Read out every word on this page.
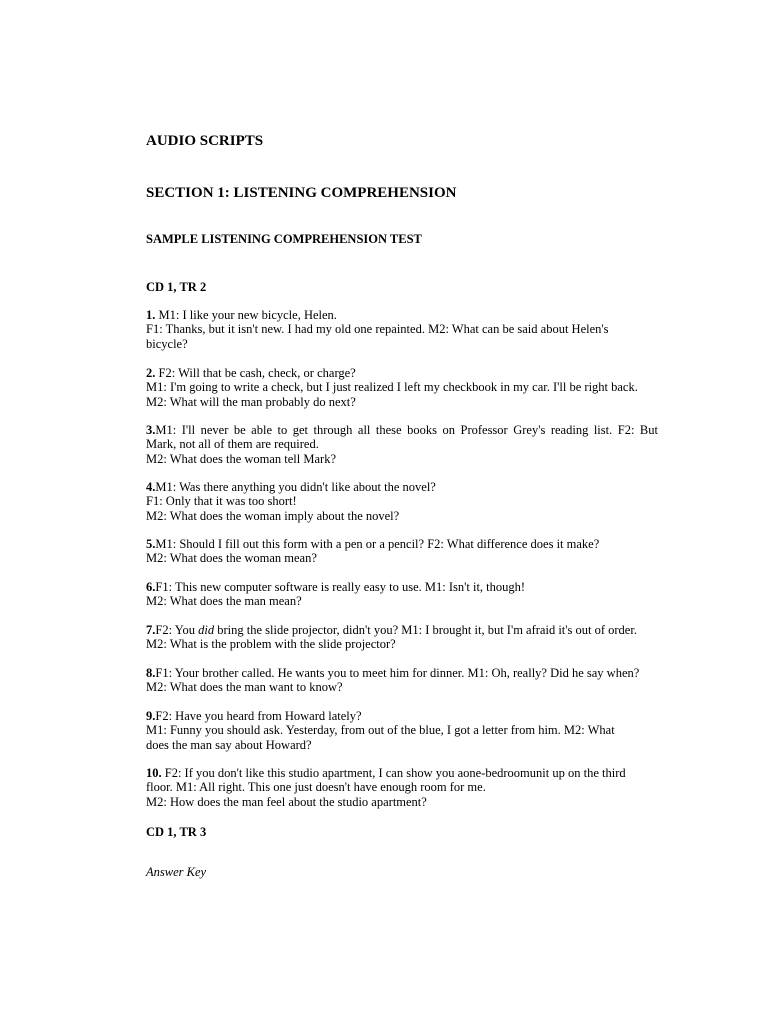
AUDIO SCRIPTS
SECTION 1: LISTENING COMPREHENSION
SAMPLE LISTENING COMPREHENSION TEST
CD 1, TR 2
1. M1: I like your new bicycle, Helen.
F1: Thanks, but it isn't new. I had my old one repainted. M2: What can be said about Helen's
bicycle?
2. F2: Will that be cash, check, or charge?
M1: I'm going to write a check, but I just realized I left my checkbook in my car. I'll be right back.
M2: What will the man probably do next?
3.M1: I'll never be able to get through all these books on Professor Grey's reading list. F2: But
Mark, not all of them are required.
M2: What does the woman tell Mark?
4.M1: Was there anything you didn't like about the novel?
F1: Only that it was too short!
M2: What does the woman imply about the novel?
5.M1: Should I fill out this form with a pen or a pencil? F2: What difference does it make?
M2: What does the woman mean?
6.F1: This new computer software is really easy to use. M1: Isn't it, though!
M2: What does the man mean?
7.F2: You did bring the slide projector, didn't you? M1: I brought it, but I'm afraid it's out of order.
M2: What is the problem with the slide projector?
8.F1: Your brother called. He wants you to meet him for dinner. M1: Oh, really? Did he say when?
M2: What does the man want to know?
9.F2: Have you heard from Howard lately?
M1: Funny you should ask. Yesterday, from out of the blue, I got a letter from him. M2: What
does the man say about Howard?
10. F2: If you don't like this studio apartment, I can show you aone-bedroomunit up on the third
floor. M1: All right. This one just doesn't have enough room for me.
M2: How does the man feel about the studio apartment?
CD 1, TR 3
Answer Key
